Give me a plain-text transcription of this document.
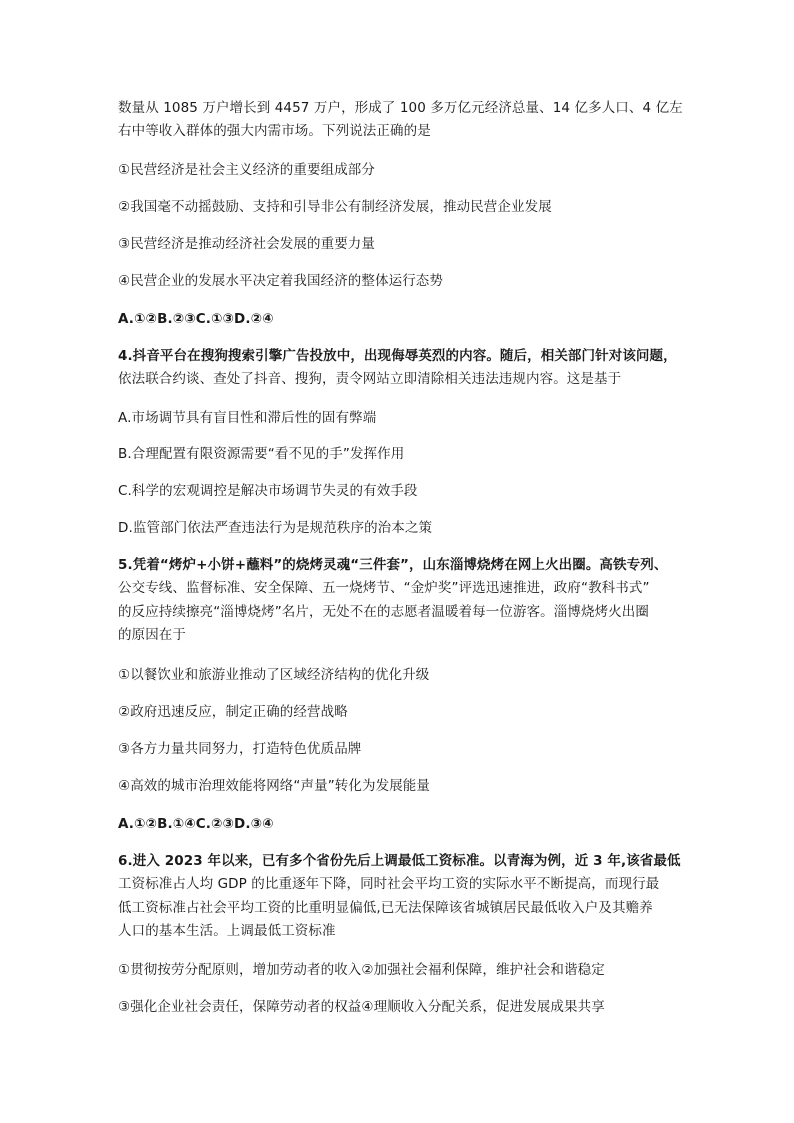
数量从 1085 万户增长到 4457 万户，形成了 100 多万亿元经济总量、14 亿多人口、4 亿左
右中等收入群体的强大内需市场。下列说法正确的是
①民营经济是社会主义经济的重要组成部分
②我国毫不动摇鼓励、支持和引导非公有制经济发展，推动民营企业发展
③民营经济是推动经济社会发展的重要力量
④民营企业的发展水平决定着我国经济的整体运行态势
A.①②B.②③C.①③D.②④
4.抖音平台在搜狗搜索引擎广告投放中，出现侮辱英烈的内容。随后，相关部门针对该问题，
依法联合约谈、查处了抖音、搜狗，责令网站立即清除相关违法违规内容。这是基于
A.市场调节具有盲目性和滞后性的固有弊端
B.合理配置有限资源需要“看不见的手”发挥作用
C.科学的宏观调控是解决市场调节失灵的有效手段
D.监管部门依法严查违法行为是规范秩序的治本之策
5.凭着“烤炉+小饼+蘸料”的烧烤灵魂“三件套”，山东淄博烧烤在网上火出圈。高铁专列、
公交专线、监督标准、安全保障、五一烧烤节、“金炉奖”评选迅速推进，政府“教科书式”
的反应持续擦亮“淄博烧烤”名片，无处不在的志愿者温暖着每一位游客。淄博烧烤火出圈
的原因在于
①以餐饮业和旅游业推动了区域经济结构的优化升级
②政府迅速反应，制定正确的经营战略
③各方力量共同努力，打造特色优质品牌
④高效的城市治理效能将网络“声量”转化为发展能量
A.①②B.①④C.②③D.③④
6.进入 2023 年以来，已有多个省份先后上调最低工资标准。以青海为例，近 3 年,该省最低
工资标准占人均 GDP 的比重逐年下降，同时社会平均工资的实际水平不断提高，而现行最
低工资标准占社会平均工资的比重明显偏低,已无法保障该省城镇居民最低收入户及其赡养
人口的基本生活。上调最低工资标准
①贯彻按劳分配原则，增加劳动者的收入②加强社会福利保障，维护社会和谐稳定
③强化企业社会责任，保障劳动者的权益④理顺收入分配关系，促进发展成果共享
